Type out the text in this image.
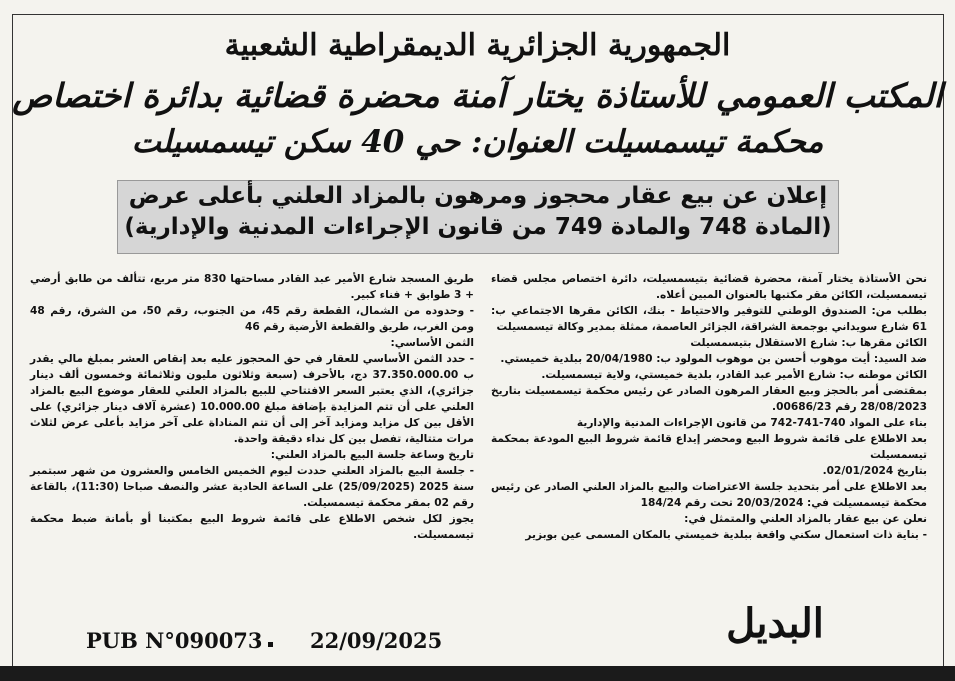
الجمهورية الجزائرية الديمقراطية الشعبية
المكتب العمومي للأستاذة يختار آمنة محضرة قضائية بدائرة اختصاص
محكمة تيسمسيلت العنوان: حي 40 سكن تيسمسيلت
إعلان عن بيع عقار محجوز ومرهون بالمزاد العلني بأعلى عرض
(المادة 748 والمادة 749 من قانون الإجراءات المدنية والإدارية)

نحن الأستاذة يختار آمنة، محضرة قضائية بتيسمسيلت، دائرة اختصاص مجلس قضاء تيسمسيلت، الكائن مقر مكتبها بالعنوان المبين أعلاه.

بطلب من: الصندوق الوطني للتوفير والاحتياط - بنك، الكائن مقرها الاجتماعي ب: 61 شارع سويداني بوجمعة الشراقة، الجزائر العاصمة، ممثلة بمدير وكالة تيسمسيلت

الكائن مقرها ب: شارع الاستقلال بتيسمسيلت

ضد السيد: أيت موهوب أحسن بن موهوب المولود ب: 20/04/1980 ببلدية خميستي.

الكائن موطنه ب: شارع الأمير عبد القادر، بلدية خميستي، ولاية تيسمسيلت.

بمقتضى أمر بالحجز وبيع العقار المرهون الصادر عن رئيس محكمة تيسمسيلت بتاريخ 28/08/2023 رقم 00686/23.

بناء على المواد 740-741-742 من قانون الإجراءات المدنية والإدارية

بعد الاطلاع على قائمة شروط البيع ومحضر إيداع قائمة شروط البيع المودعة بمحكمة تيسمسيلت

بتاريخ 02/01/2024.

بعد الاطلاع على أمر بتحديد جلسة الاعتراضات والبيع بالمزاد العلني الصادر عن رئيس محكمة تيسمسيلت في: 20/03/2024 تحت رقم 184/24

نعلن عن بيع عقار بالمزاد العلني والمتمثل في:

- بناية ذات استعمال سكني واقعة ببلدية خميستي بالمكان المسمى عين بوبزير

طريق المسجد شارع الأمير عبد القادر مساحتها 830 متر مربع، تتألف من طابق أرضي + 3 طوابق + فناء كبير.

- وحدوده من الشمال، القطعة رقم 45، من الجنوب، رقم 50، من الشرق، رقم 48 ومن الغرب، طريق والقطعة الأرضية رقم 46

الثمن الأساسي:

- حدد الثمن الأساسي للعقار في حق المحجوز عليه بعد إنقاص العشر بمبلغ مالي يقدر ب 37.350.000.00 دج، بالأحرف (سبعة وثلاثون مليون وثلاثمائة وخمسون ألف دينار جزائري)، الذي يعتبر السعر الافتتاحي للبيع بالمزاد العلني للعقار موضوع البيع بالمزاد العلني على أن تتم المزايدة بإضافة مبلغ 10.000.00 (عشرة آلاف دينار جزائري) على الأقل بين كل مزايد ومزايد آخر إلى أن تتم المناداة على آخر مزايد بأعلى عرض لثلاث مرات متتالية، تفصل بين كل نداء دقيقة واحدة.

تاريخ وساعة جلسة البيع بالمزاد العلني:

- جلسة البيع بالمزاد العلني حددت ليوم الخميس الخامس والعشرون من شهر سبتمبر سنة 2025 (25/09/2025) على الساعة الحادية عشر والنصف صباحا (11:30)، بالقاعة رقم 02 بمقر محكمة تيسمسيلت.

يجوز لكل شخص الاطلاع على قائمة شروط البيع بمكتبنا أو بأمانة ضبط محكمة تيسمسيلت.

البديل
PUB N°090073 22/09/2025
